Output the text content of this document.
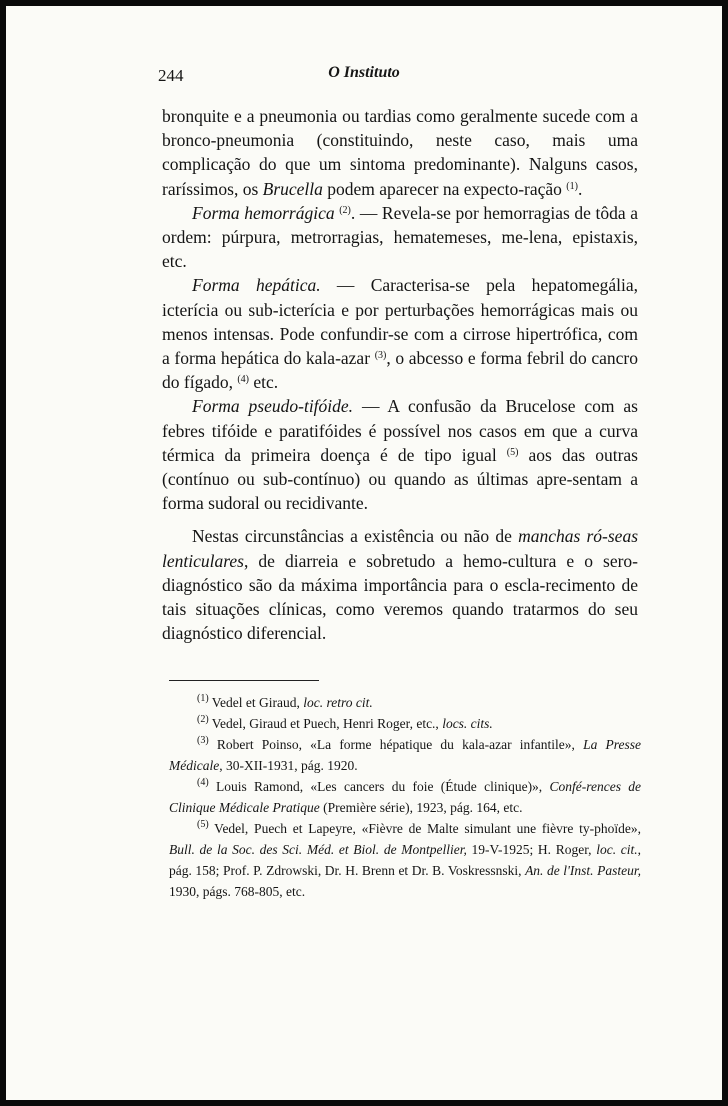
244	O Instituto

bronquite e a pneumonia ou tardias como geralmente sucede com a bronco-pneumonia (constituindo, neste caso, mais uma complicação do que um sintoma predominante). Nalguns casos, raríssimos, os Brucella podem aparecer na expecto-ração $^{(1)}$.

Forma hemorrágica $^{(2)}$. — Revela-se por hemorragias de tôda a ordem: púrpura, metrorragias, hematemeses, me-lena, epistaxis, etc.

Forma hepática. — Caracterisa-se pela hepatomegália, icterícia ou sub-icterícia e por perturbações hemorrágicas mais ou menos intensas. Pode confundir-se com a cirrose hipertrófica, com a forma hepática do kala-azar $^{(3)}$, o abcesso e forma febril do cancro do fígado, $^{(4)}$ etc.

Forma pseudo-tifóide. — A confusão da Brucelose com as febres tifóide e paratifóides é possível nos casos em que a curva térmica da primeira doença é de tipo igual $^{(5)}$ aos das outras (contínuo ou sub-contínuo) ou quando as últimas apre-sentam a forma sudoral ou recidivante.

Nestas circunstâncias a existência ou não de manchas ró-seas lenticulares, de diarreia e sobretudo a hemo-cultura e o sero-diagnóstico são da máxima importância para o escla-recimento de tais situações clínicas, como veremos quando tratarmos do seu diagnóstico diferencial.

$^{(1)}$ Vedel et Giraud, loc. retro cit.

$^{(2)}$ Vedel, Giraud et Puech, Henri Roger, etc., locs. cits.

$^{(3)}$ Robert Poinso, «La forme hépatique du kala-azar infantile», La Presse Médicale, 30-XII-1931, pág. 1920.

$^{(4)}$ Louis Ramond, «Les cancers du foie (Étude clinique)», Confé-rences de Clinique Médicale Pratique (Première série), 1923, pág. 164, etc.

$^{(5)}$ Vedel, Puech et Lapeyre, «Fièvre de Malte simulant une fièvre ty-phoïde», Bull. de la Soc. des Sci. Méd. et Biol. de Montpellier, 19-V-1925; H. Roger, loc. cit., pág. 158; Prof. P. Zdrowski, Dr. H. Brenn et Dr. B. Voskressnski, An. de l'Inst. Pasteur, 1930, págs. 768-805, etc.
